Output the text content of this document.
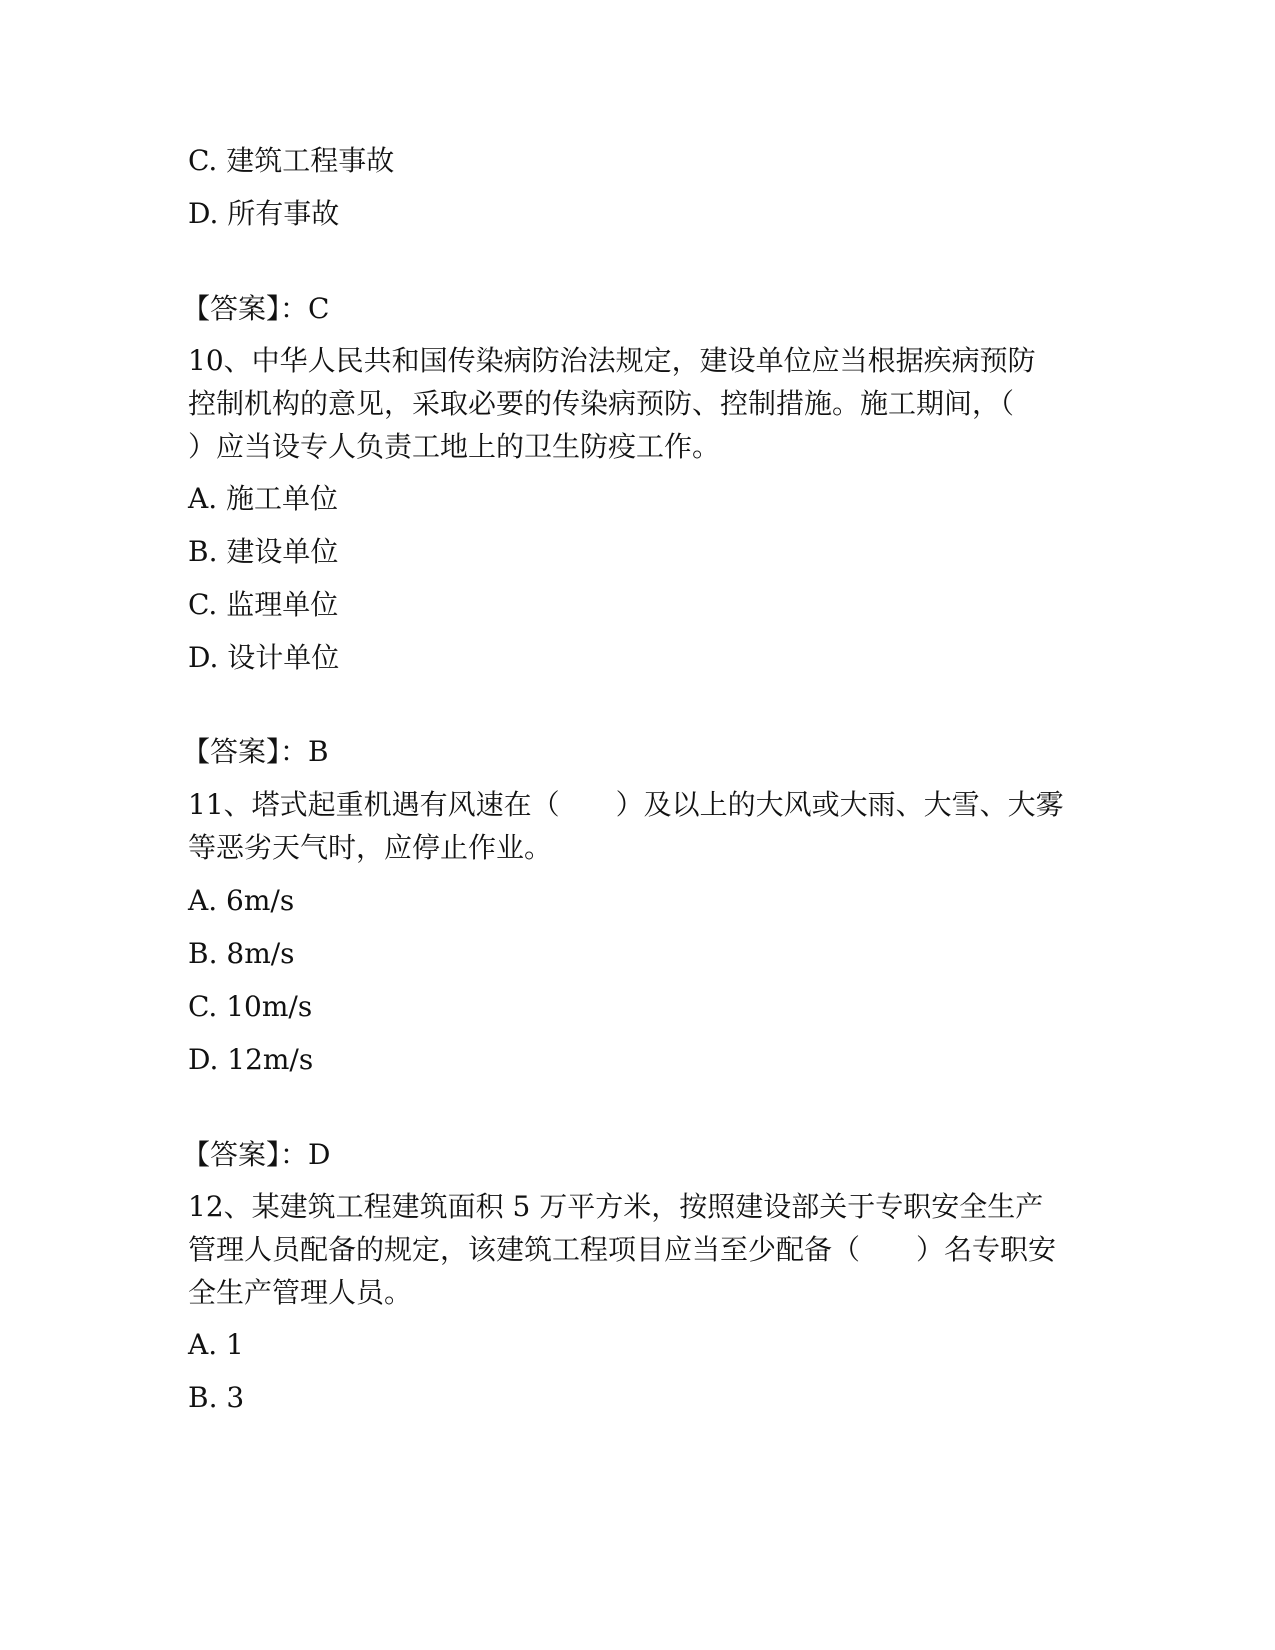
C. 建筑工程事故
D. 所有事故
【答案】：C
10、中华人民共和国传染病防治法规定，建设单位应当根据疾病预防
控制机构的意见，采取必要的传染病预防、控制措施。施工期间，（
）应当设专人负责工地上的卫生防疫工作。
A. 施工单位
B. 建设单位
C. 监理单位
D. 设计单位
【答案】：B
11、塔式起重机遇有风速在（　　）及以上的大风或大雨、大雪、大雾
等恶劣天气时，应停止作业。
A. 6m/s
B. 8m/s
C. 10m/s
D. 12m/s
【答案】：D
12、某建筑工程建筑面积 5 万平方米，按照建设部关于专职安全生产
管理人员配备的规定，该建筑工程项目应当至少配备（　　）名专职安
全生产管理人员。
A. 1
B. 3
